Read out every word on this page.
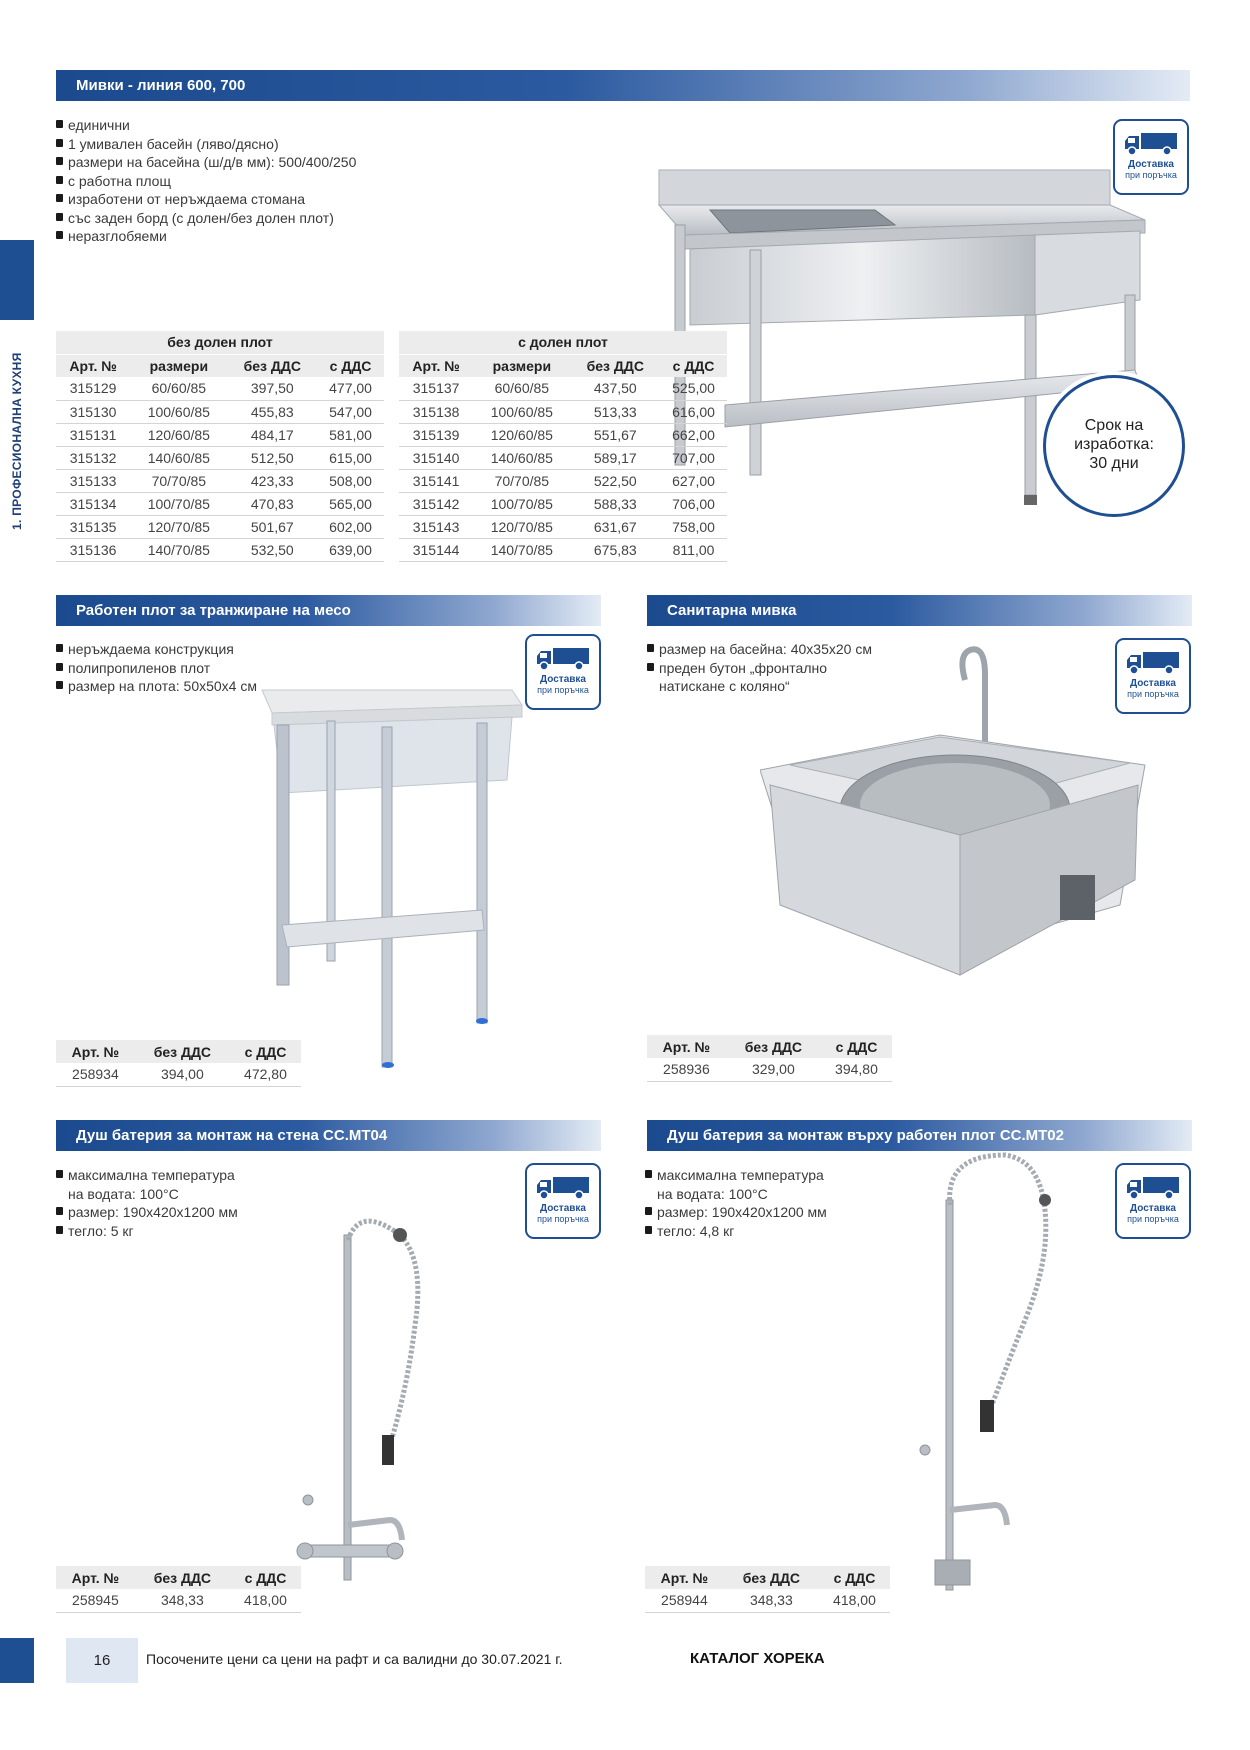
1. ПРОФЕСИОНАЛНА КУХНЯ
Мивки - линия 600, 700
единични
1 умивален басейн (ляво/дясно)
размери на басейна (ш/д/в мм): 500/400/250
с работна площ
изработени от неръждаема стомана
със заден борд (с долен/без долен плот)
неразглобяеми
Доставка
при поръчка
Срок на
изработка:
30 дни
без долен плот			
Арт. №	размери	без ДДС	с ДДС
315129	60/60/85	397,50	477,00
315130	100/60/85	455,83	547,00
315131	120/60/85	484,17	581,00
315132	140/60/85	512,50	615,00
315133	70/70/85	423,33	508,00
315134	100/70/85	470,83	565,00
315135	120/70/85	501,67	602,00
315136	140/70/85	532,50	639,00
с долен плот			
Арт. №	размери	без ДДС	с ДДС
315137	60/60/85	437,50	525,00
315138	100/60/85	513,33	616,00
315139	120/60/85	551,67	662,00
315140	140/60/85	589,17	707,00
315141	70/70/85	522,50	627,00
315142	100/70/85	588,33	706,00
315143	120/70/85	631,67	758,00
315144	140/70/85	675,83	811,00
Работен плот за транжиране на месо
неръждаема конструкция
полипропиленов плот
размер на плота: 50x50x4 см	Доставка
при поръчка
Арт. №	без ДДС	с ДДС
258934	394,00	472,80
Санитарна мивка
размер на басейна: 40x35x20 см
преден бутон „фронтално
натискане с коляно“	Доставка
при поръчка
Арт. №	без ДДС	с ДДС
258936	329,00	394,80
Душ батерия за монтаж на стена CC.MT04
максимална температура
на водата: 100°C
размер: 190x420x1200 мм
тегло: 5 кг
Доставка
при поръчка
Арт. №	без ДДС	с ДДС
258945	348,33	418,00
Душ батерия за монтаж върху работен плот CC.MT02
максимална температура
на водата: 100°C
размер: 190x420x1200 мм
тегло: 4,8 кг
Доставка
при поръчка
Арт. №	без ДДС	с ДДС
258944	348,33	418,00
16	Посочените цени са цени на рафт и са валидни до 30.07.2021 г.	КАТАЛОГ ХОРЕКА
